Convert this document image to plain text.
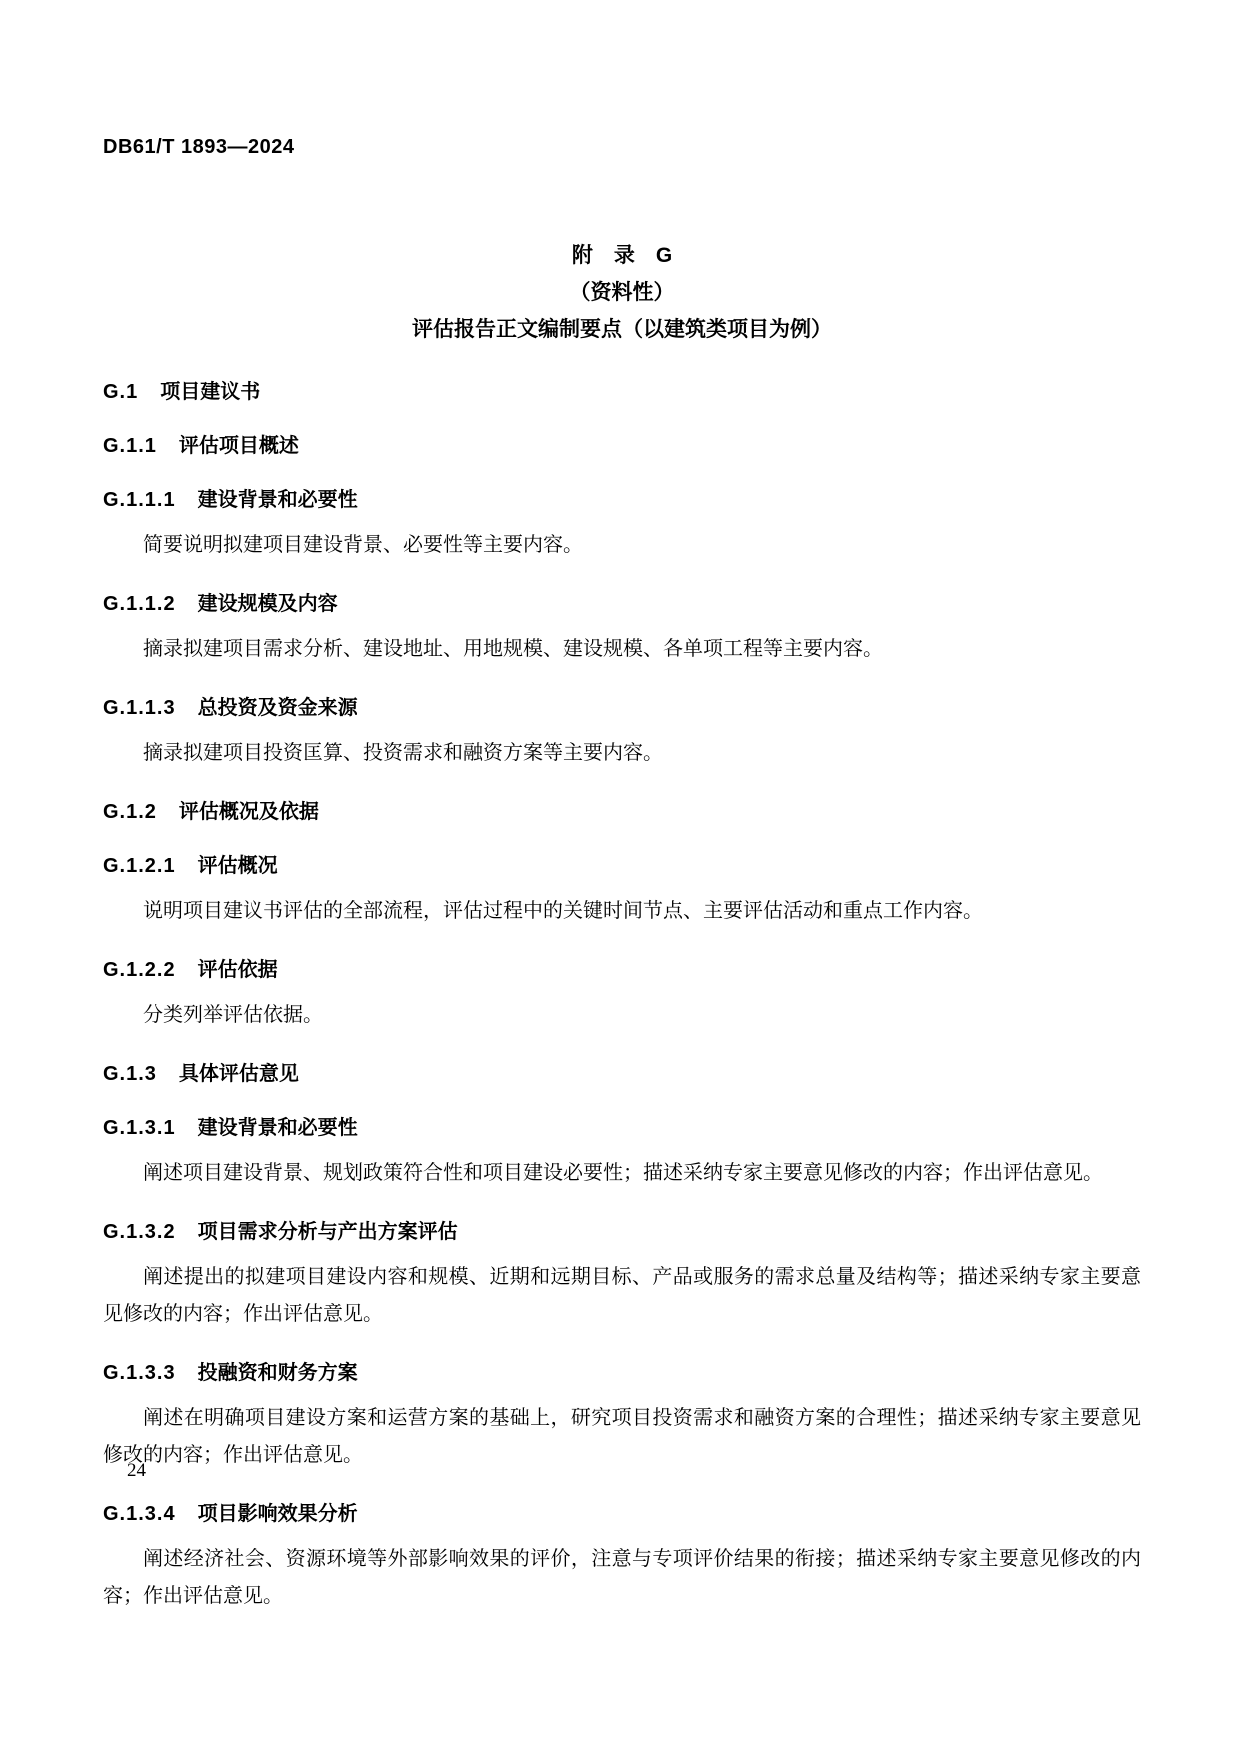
DB61/T 1893—2024
附　录　G
（资料性）
评估报告正文编制要点（以建筑类项目为例）
G.1 项目建议书
G.1.1 评估项目概述
G.1.1.1 建设背景和必要性

简要说明拟建项目建设背景、必要性等主要内容。

G.1.1.2 建设规模及内容

摘录拟建项目需求分析、建设地址、用地规模、建设规模、各单项工程等主要内容。

G.1.1.3 总投资及资金来源

摘录拟建项目投资匡算、投资需求和融资方案等主要内容。

G.1.2 评估概况及依据
G.1.2.1 评估概况

说明项目建议书评估的全部流程，评估过程中的关键时间节点、主要评估活动和重点工作内容。

G.1.2.2 评估依据

分类列举评估依据。

G.1.3 具体评估意见
G.1.3.1 建设背景和必要性

阐述项目建设背景、规划政策符合性和项目建设必要性；描述采纳专家主要意见修改的内容；作出评估意见。

G.1.3.2 项目需求分析与产出方案评估

阐述提出的拟建项目建设内容和规模、近期和远期目标、产品或服务的需求总量及结构等；描述采纳专家主要意见修改的内容；作出评估意见。

G.1.3.3 投融资和财务方案

阐述在明确项目建设方案和运营方案的基础上，研究项目投资需求和融资方案的合理性；描述采纳专家主要意见修改的内容；作出评估意见。

G.1.3.4 项目影响效果分析

阐述经济社会、资源环境等外部影响效果的评价，注意与专项评价结果的衔接；描述采纳专家主要意见修改的内容；作出评估意见。

24
